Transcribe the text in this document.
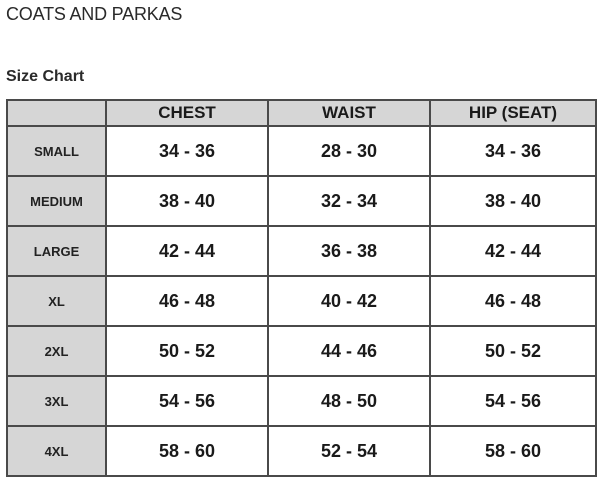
COATS AND PARKAS
Size Chart
	CHEST	WAIST	HIP (SEAT)
SMALL	34 - 36	28 - 30	34 - 36
MEDIUM	38 - 40	32 - 34	38 - 40
LARGE	42 - 44	36 - 38	42 - 44
XL	46 - 48	40 - 42	46 - 48
2XL	50 - 52	44 - 46	50 - 52
3XL	54 - 56	48 - 50	54 - 56
4XL	58 - 60	52 - 54	58 - 60
